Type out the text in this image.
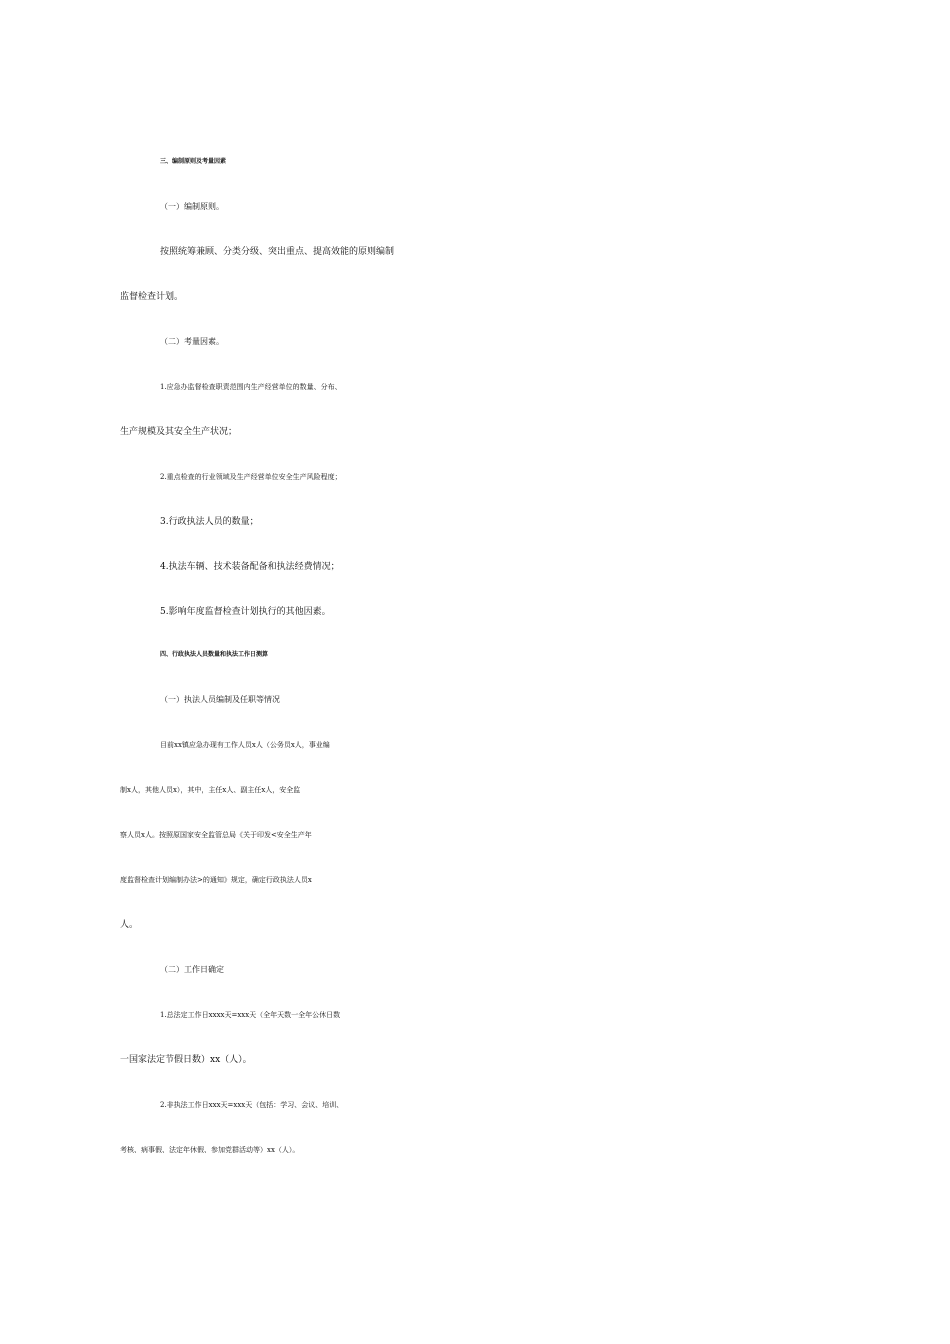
三、编制原则及考量因素
（一）编制原则。
按照统筹兼顾、分类分级、突出重点、提高效能的原则编制
监督检查计划。
（二）考量因素。
1.应急办监督检查职责范围内生产经营单位的数量、分布、
生产规模及其安全生产状况；
2.重点检查的行业领域及生产经营单位安全生产风险程度；
3.行政执法人员的数量；
4.执法车辆、技术装备配备和执法经费情况；
5.影响年度监督检查计划执行的其他因素。
四、行政执法人员数量和执法工作日测算
（一）执法人员编制及任职等情况
目前xx镇应急办现有工作人员x人（公务员x人，事业编
制x人，其他人员x），其中，主任x人、副主任x人，安全监
察人员x人。按照原国家安全监管总局《关于印发<安全生产年
度监督检查计划编制办法>的通知》规定，确定行政执法人员x
人。
（二）工作日确定
1.总法定工作日xxxx天=xxx天（全年天数一全年公休日数
一国家法定节假日数）xx（人）。
2.非执法工作日xxx天=xxx天（包括：学习、会议、培训、
考核、病事假、法定年休假、参加党群活动等）xx（人）。
